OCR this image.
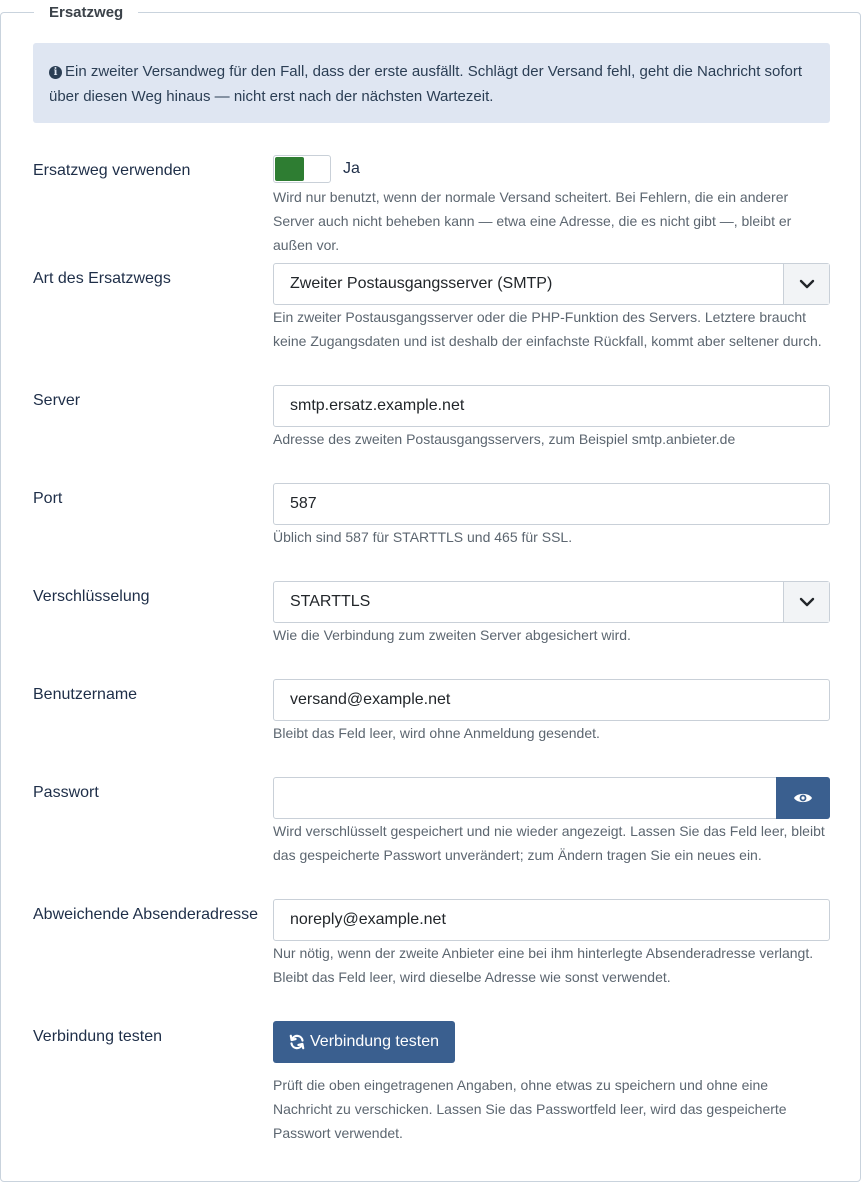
Ersatzweg
i Ein zweiter Versandweg für den Fall, dass der erste ausfällt. Schlägt der Versand fehl, geht die Nachricht sofort über diesen Weg hinaus — nicht erst nach der nächsten Wartezeit.
Ersatzweg verwenden	Ja
Wird nur benutzt, wenn der normale Versand scheitert. Bei Fehlern, die ein anderer Server auch nicht beheben kann — etwa eine Adresse, die es nicht gibt —, bleibt er außen vor.
Art des Ersatzwegs	Zweiter Postausgangsserver (SMTP)
Ein zweiter Postausgangsserver oder die PHP-Funktion des Servers. Letztere braucht keine Zugangsdaten und ist deshalb der einfachste Rückfall, kommt aber seltener durch.
Server	smtp.ersatz.example.net
Adresse des zweiten Postausgangsservers, zum Beispiel smtp.anbieter.de
Port	587
Üblich sind 587 für STARTTLS und 465 für SSL.
Verschlüsselung	STARTTLS
Wie die Verbindung zum zweiten Server abgesichert wird.
Benutzername	versand@example.net
Bleibt das Feld leer, wird ohne Anmeldung gesendet.
Passwort
Wird verschlüsselt gespeichert und nie wieder angezeigt. Lassen Sie das Feld leer, bleibt das gespeicherte Passwort unverändert; zum Ändern tragen Sie ein neues ein.
Abweichende Absenderadresse	noreply@example.net
Nur nötig, wenn der zweite Anbieter eine bei ihm hinterlegte Absenderadresse verlangt. Bleibt das Feld leer, wird dieselbe Adresse wie sonst verwendet.
Verbindung testen	Verbindung testen
Prüft die oben eingetragenen Angaben, ohne etwas zu speichern und ohne eine Nachricht zu verschicken. Lassen Sie das Passwortfeld leer, wird das gespeicherte Passwort verwendet.
